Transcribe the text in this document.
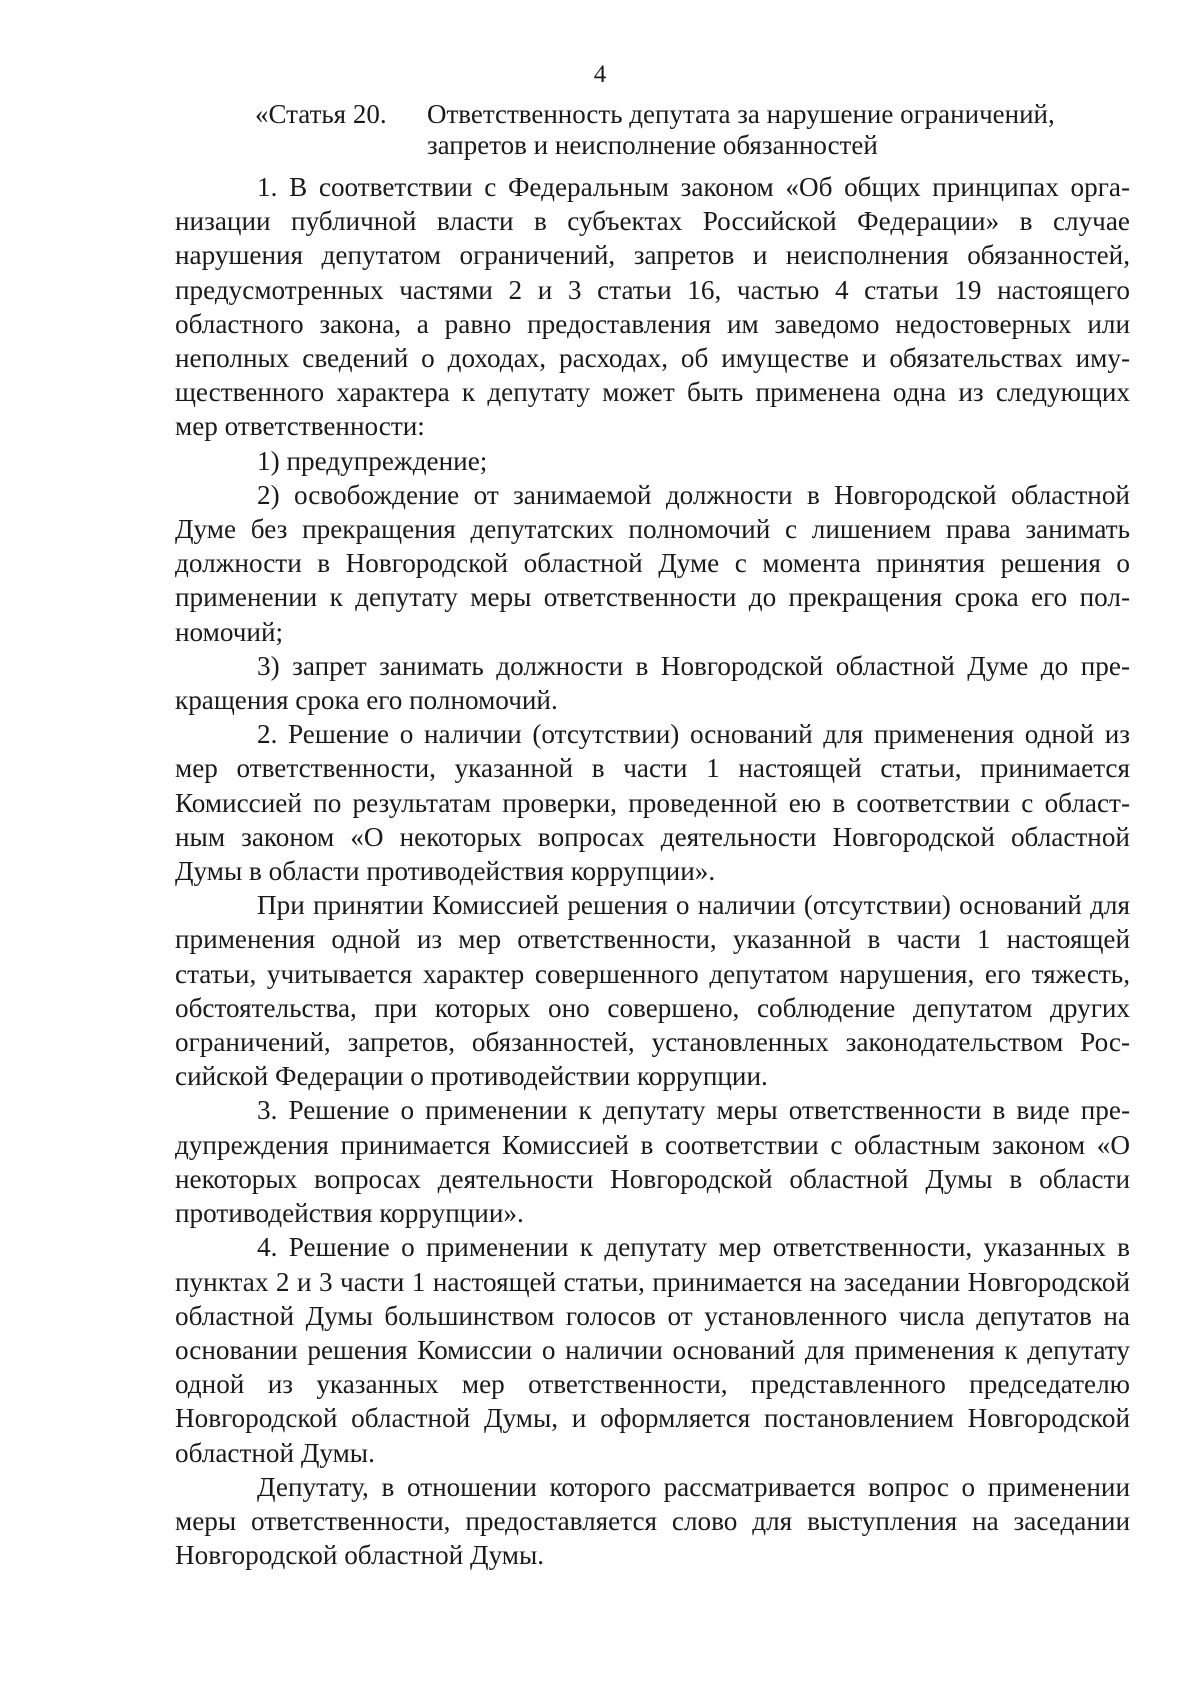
4
«Статья 20. Ответственность депутата за нарушение ограничений, запретов и неисполнение обязанностей

1. В соответствии с Федеральным законом «Об общих принципах организации публичной власти в субъектах Российской Федерации» в случае нарушения депутатом ограничений, запретов и неисполнения обязанностей, предусмотренных частями 2 и 3 статьи 16, частью 4 статьи 19 настоящего областного закона, а равно предоставления им заведомо недостоверных или неполных сведений о доходах, расходах, об имуществе и обязательствах имущественного характера к депутату может быть применена одна из следующих мер ответственности:

1) предупреждение;

2) освобождение от занимаемой должности в Новгородской областной Думе без прекращения депутатских полномочий с лишением права занимать должности в Новгородской областной Думе с момента принятия решения о применении к депутату меры ответственности до прекращения срока его полномочий;

3) запрет занимать должности в Новгородской областной Думе до прекращения срока его полномочий.

2. Решение о наличии (отсутствии) оснований для применения одной из мер ответственности, указанной в части 1 настоящей статьи, принимается Комиссией по результатам проверки, проведенной ею в соответствии с областным законом «О некоторых вопросах деятельности Новгородской областной Думы в области противодействия коррупции».

При принятии Комиссией решения о наличии (отсутствии) оснований для применения одной из мер ответственности, указанной в части 1 настоящей статьи, учитывается характер совершенного депутатом нарушения, его тяжесть, обстоятельства, при которых оно совершено, соблюдение депутатом других ограничений, запретов, обязанностей, установленных законодательством Российской Федерации о противодействии коррупции.

3. Решение о применении к депутату меры ответственности в виде предупреждения принимается Комиссией в соответствии с областным законом «О некоторых вопросах деятельности Новгородской областной Думы в области противодействия коррупции».

4. Решение о применении к депутату мер ответственности, указанных в пунктах 2 и 3 части 1 настоящей статьи, принимается на заседании Новгородской областной Думы большинством голосов от установленного числа депутатов на основании решения Комиссии о наличии оснований для применения к депутату одной из указанных мер ответственности, представленного председателю Новгородской областной Думы, и оформляется постановлением Новгородской областной Думы.

Депутату, в отношении которого рассматривается вопрос о применении меры ответственности, предоставляется слово для выступления на заседании Новгородской областной Думы.
